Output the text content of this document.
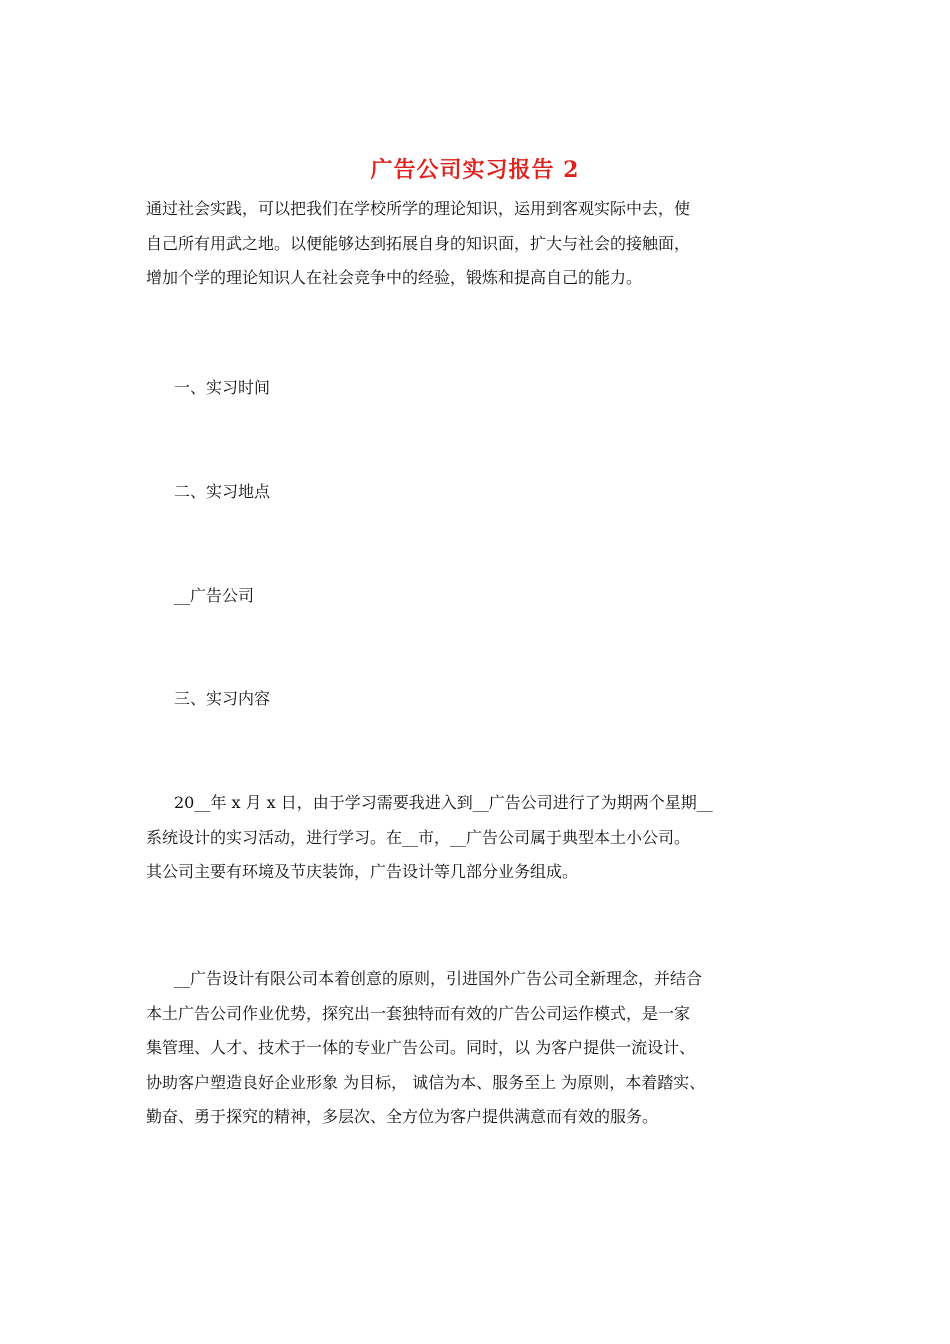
广告公司实习报告 2

通过社会实践，可以把我们在学校所学的理论知识，运用到客观实际中去，使
自己所有用武之地。以便能够达到拓展自身的知识面，扩大与社会的接触面，
增加个学的理论知识人在社会竞争中的经验，锻炼和提高自己的能力。

一、实习时间

二、实习地点

__广告公司

三、实习内容

20__年 x 月 x 日，由于学习需要我进入到__广告公司进行了为期两个星期__
系统设计的实习活动，进行学习。在__市，__广告公司属于典型本土小公司。
其公司主要有环境及节庆装饰，广告设计等几部分业务组成。

__广告设计有限公司本着创意的原则，引进国外广告公司全新理念，并结合
本土广告公司作业优势，探究出一套独特而有效的广告公司运作模式，是一家
集管理、人才、技术于一体的专业广告公司。同时，以 为客户提供一流设计、
协助客户塑造良好企业形象 为目标， 诚信为本、服务至上 为原则，本着踏实、
勤奋、勇于探究的精神，多层次、全方位为客户提供满意而有效的服务。
